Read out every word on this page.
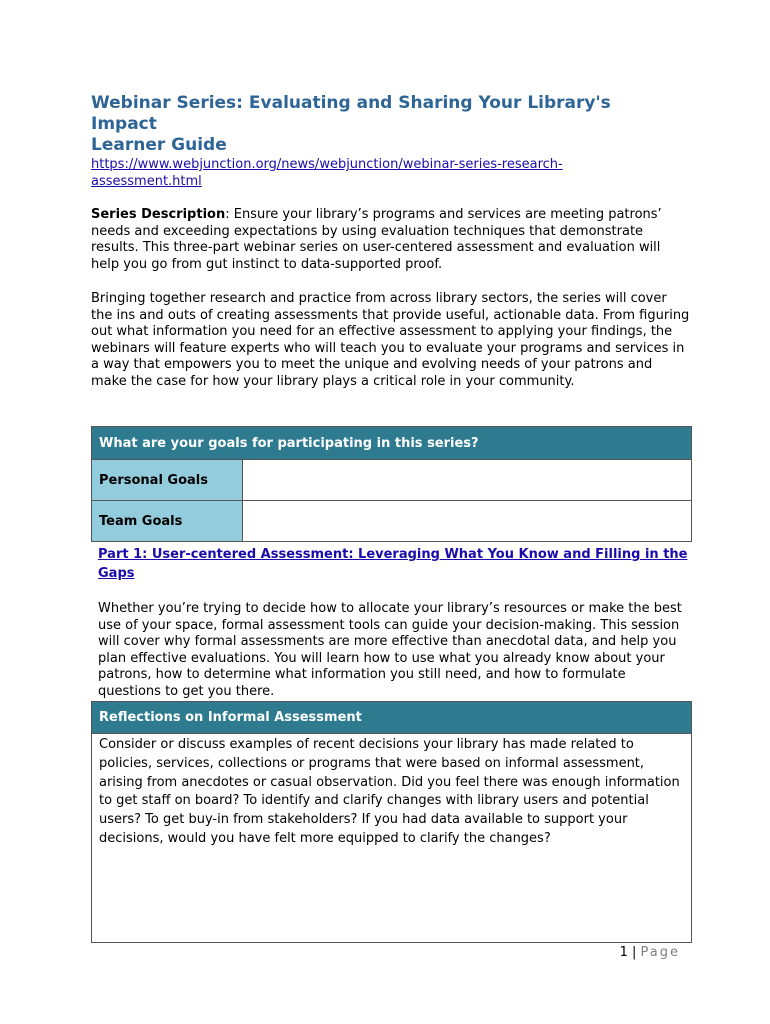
Webinar Series: Evaluating and Sharing Your Library's
Impact
Learner Guide
https://www.webjunction.org/news/webjunction/webinar-series-research-assessment.html
Series Description: Ensure your library’s programs and services are meeting patrons’ needs and exceeding expectations by using evaluation techniques that demonstrate results. This three-part webinar series on user-centered assessment and evaluation will help you go from gut instinct to data-supported proof.
Bringing together research and practice from across library sectors, the series will cover the ins and outs of creating assessments that provide useful, actionable data. From figuring out what information you need for an effective assessment to applying your findings, the webinars will feature experts who will teach you to evaluate your programs and services in a way that empowers you to meet the unique and evolving needs of your patrons and make the case for how your library plays a critical role in your community.
What are your goals for participating in this series?	
Personal Goals	
Team Goals	
Part 1: User-centered Assessment: Leveraging What You Know and Filling in the Gaps
Whether you’re trying to decide how to allocate your library’s resources or make the best use of your space, formal assessment tools can guide your decision-making. This session will cover why formal assessments are more effective than anecdotal data, and help you plan effective evaluations. You will learn how to use what you already know about your patrons, how to determine what information you still need, and how to formulate questions to get you there.
Reflections on Informal Assessment
Consider or discuss examples of recent decisions your library has made related to policies, services, collections or programs that were based on informal assessment, arising from anecdotes or casual observation. Did you feel there was enough information to get staff on board? To identify and clarify changes with library users and potential users? To get buy-in from stakeholders? If you had data available to support your decisions, would you have felt more equipped to clarify the changes?
1 | Page
